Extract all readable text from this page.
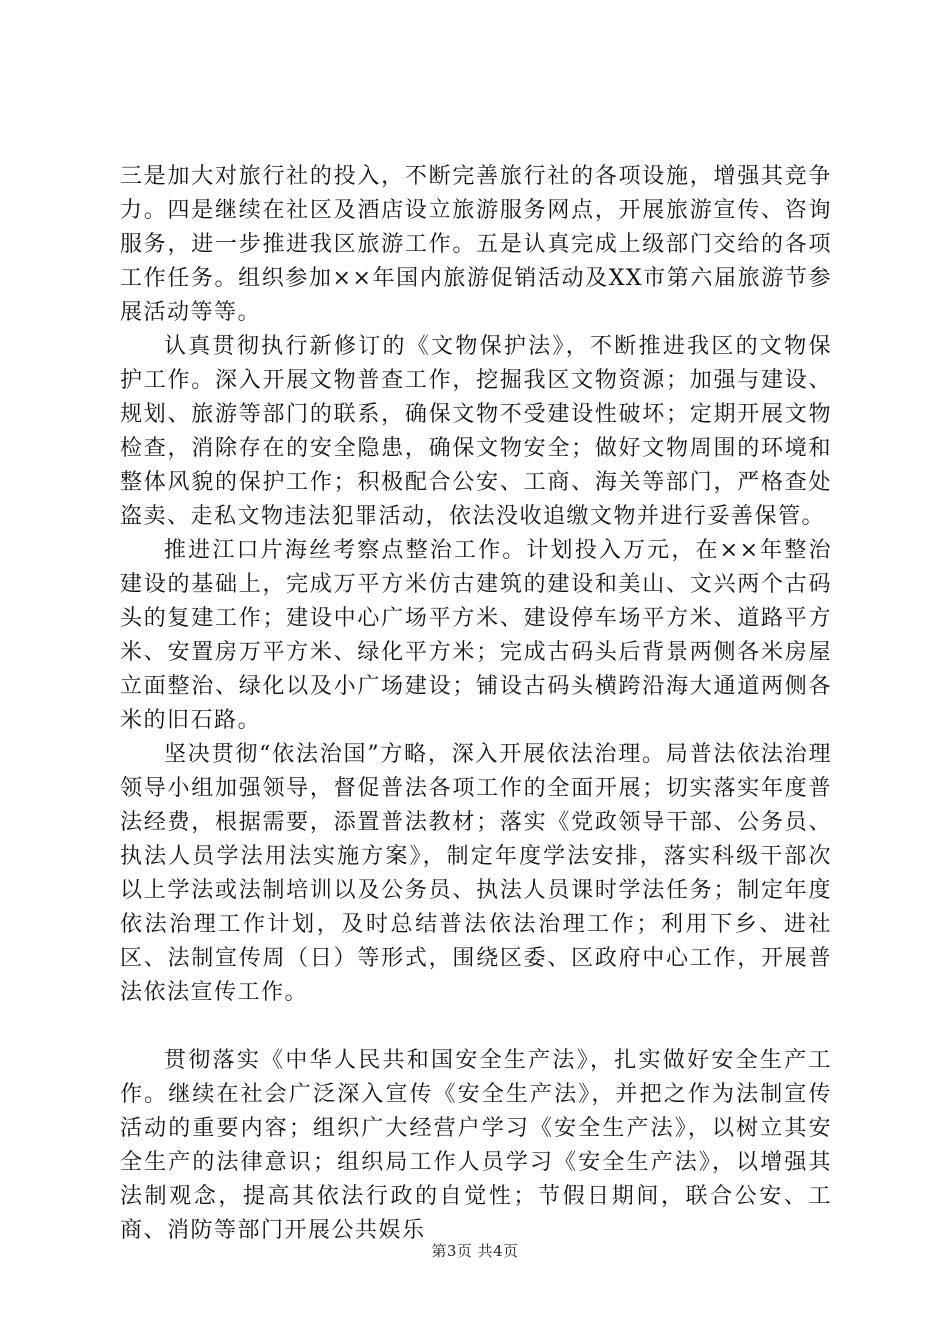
三是加大对旅行社的投入，不断完善旅行社的各项设施，增强其竞争力。四是继续在社区及酒店设立旅游服务网点，开展旅游宣传、咨询服务，进一步推进我区旅游工作。五是认真完成上级部门交给的各项工作任务。组织参加××年国内旅游促销活动及XX市第六届旅游节参展活动等等。

认真贯彻执行新修订的《文物保护法》，不断推进我区的文物保护工作。深入开展文物普查工作，挖掘我区文物资源；加强与建设、规划、旅游等部门的联系，确保文物不受建设性破坏；定期开展文物检查，消除存在的安全隐患，确保文物安全；做好文物周围的环境和整体风貌的保护工作；积极配合公安、工商、海关等部门，严格查处盗卖、走私文物违法犯罪活动，依法没收追缴文物并进行妥善保管。

推进江口片海丝考察点整治工作。计划投入万元，在××年整治建设的基础上，完成万平方米仿古建筑的建设和美山、文兴两个古码头的复建工作；建设中心广场平方米、建设停车场平方米、道路平方米、安置房万平方米、绿化平方米；完成古码头后背景两侧各米房屋立面整治、绿化以及小广场建设；铺设古码头横跨沿海大通道两侧各米的旧石路。

坚决贯彻“依法治国”方略，深入开展依法治理。局普法依法治理领导小组加强领导，督促普法各项工作的全面开展；切实落实年度普法经费，根据需要，添置普法教材；落实《党政领导干部、公务员、执法人员学法用法实施方案》，制定年度学法安排，落实科级干部次以上学法或法制培训以及公务员、执法人员课时学法任务；制定年度依法治理工作计划，及时总结普法依法治理工作；利用下乡、进社区、法制宣传周（日）等形式，围绕区委、区政府中心工作，开展普法依法宣传工作。

贯彻落实《中华人民共和国安全生产法》，扎实做好安全生产工作。继续在社会广泛深入宣传《安全生产法》，并把之作为法制宣传活动的重要内容；组织广大经营户学习《安全生产法》，以树立其安全生产的法律意识；组织局工作人员学习《安全生产法》，以增强其法制观念，提高其依法行政的自觉性；节假日期间，联合公安、工商、消防等部门开展公共娱乐

第3页 共4页
